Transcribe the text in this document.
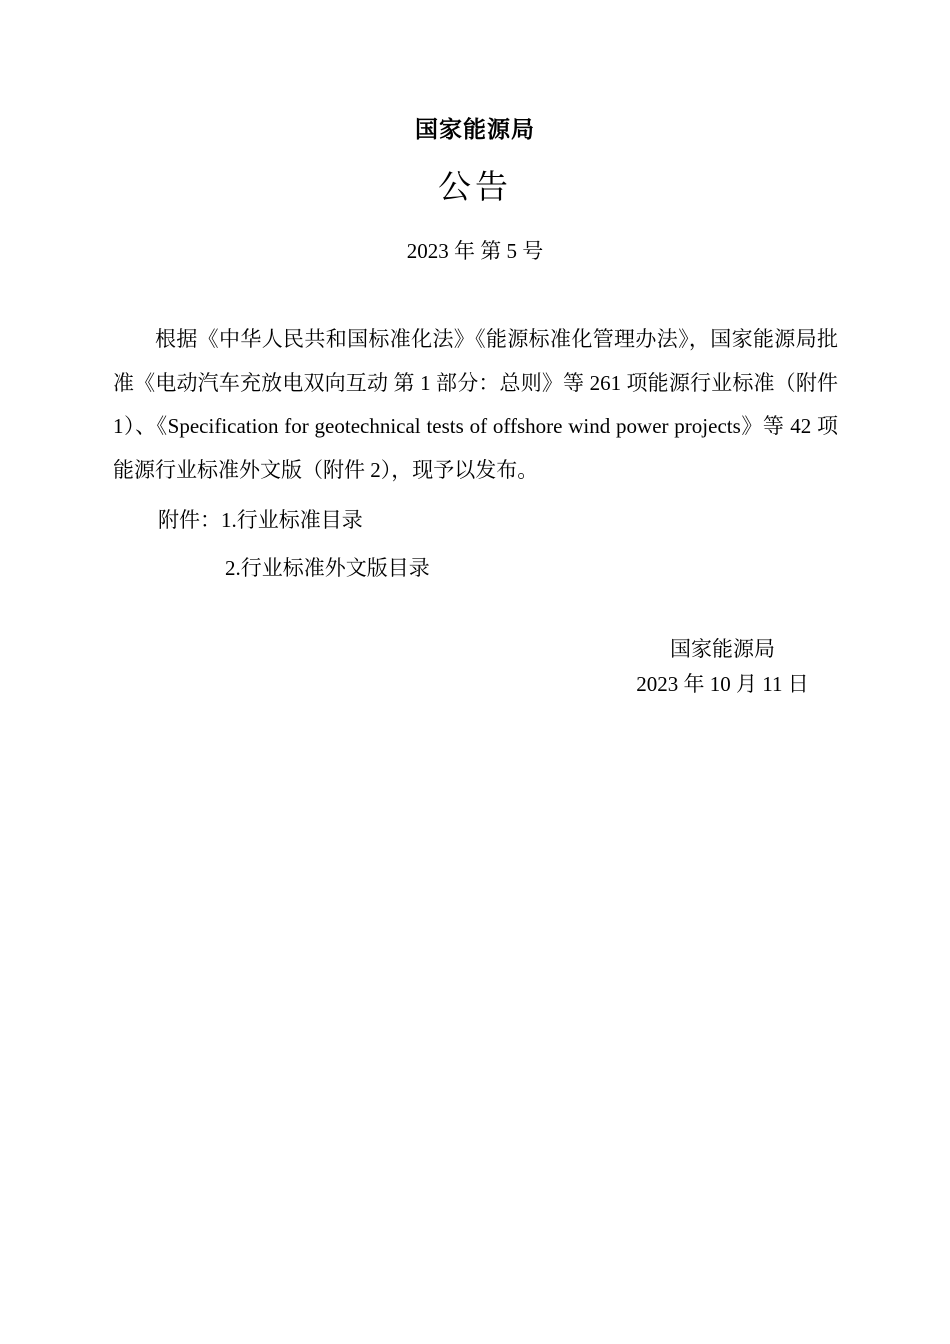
国家能源局
公告
2023 年 第 5 号

根据《中华人民共和国标准化法》《能源标准化管理办法》，国家能源局批准《电动汽车充放电双向互动 第 1 部分：总则》等 261 项能源行业标准（附件 1）、《Specification for geotechnical tests of offshore wind power projects》等 42 项能源行业标准外文版（附件 2），现予以发布。

附件：1.行业标准目录
2.行业标准外文版目录
国家能源局
2023 年 10 月 11 日
